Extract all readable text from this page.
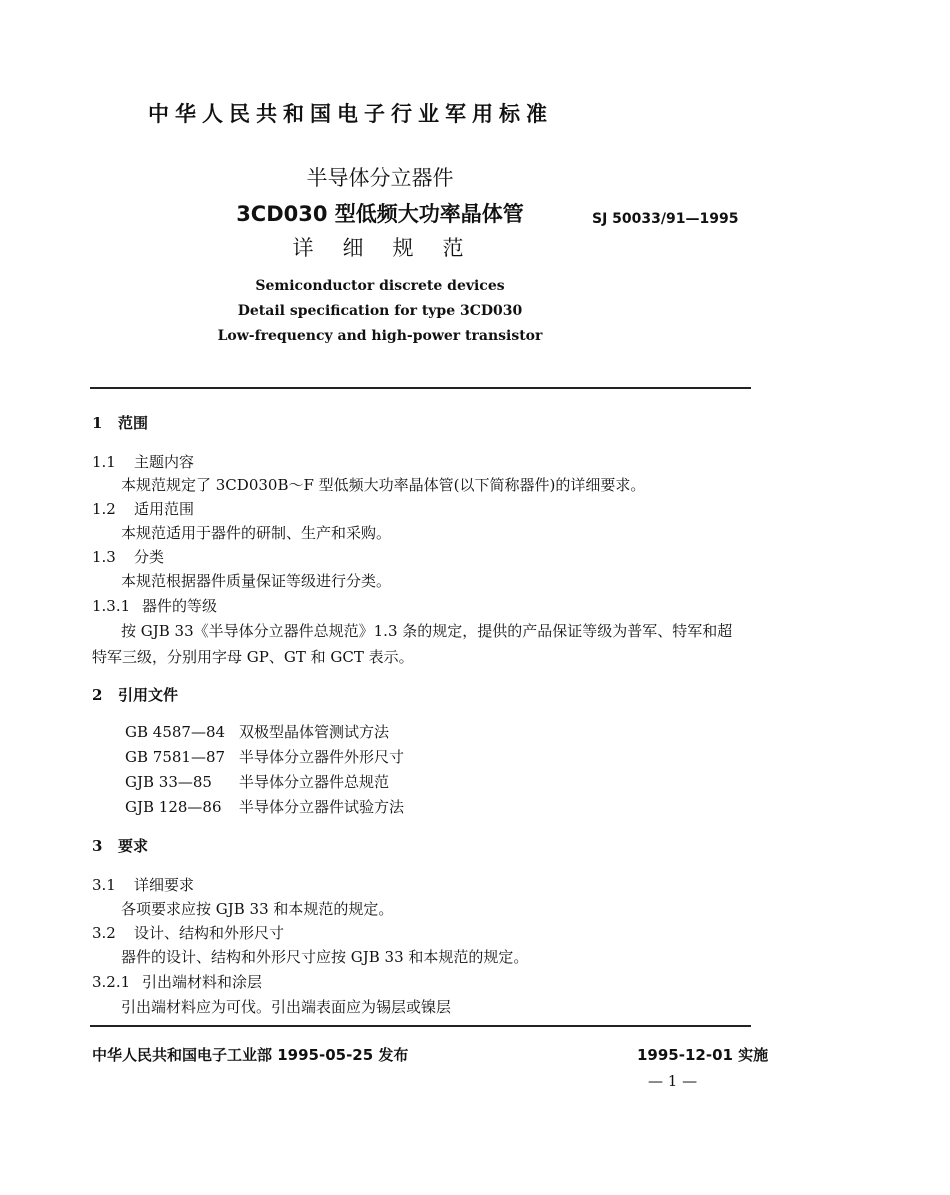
中华人民共和国电子行业军用标准
半导体分立器件
3CD030 型低频大功率晶体管
详　细　规　范
SJ 50033/91—1995
Semiconductor discrete devices
Detail specification for type 3CD030
Low-frequency and high-power transistor
1 范围
1.1 主题内容
本规范规定了 3CD030B～F 型低频大功率晶体管(以下简称器件)的详细要求。
1.2 适用范围
本规范适用于器件的研制、生产和采购。
1.3 分类
本规范根据器件质量保证等级进行分类。
1.3.1 器件的等级
按 GJB 33《半导体分立器件总规范》1.3 条的规定，提供的产品保证等级为普军、特军和超
特军三级，分别用字母 GP、GT 和 GCT 表示。
2 引用文件
GB 4587—84 双极型晶体管测试方法
GB 7581—87 半导体分立器件外形尺寸
GJB 33—85 半导体分立器件总规范
GJB 128—86 半导体分立器件试验方法
3 要求
3.1 详细要求
各项要求应按 GJB 33 和本规范的规定。
3.2 设计、结构和外形尺寸
器件的设计、结构和外形尺寸应按 GJB 33 和本规范的规定。
3.2.1 引出端材料和涂层
引出端材料应为可伐。引出端表面应为锡层或镍层
中华人民共和国电子工业部 1995-05-25 发布	1995-12-01 实施
— 1 —
